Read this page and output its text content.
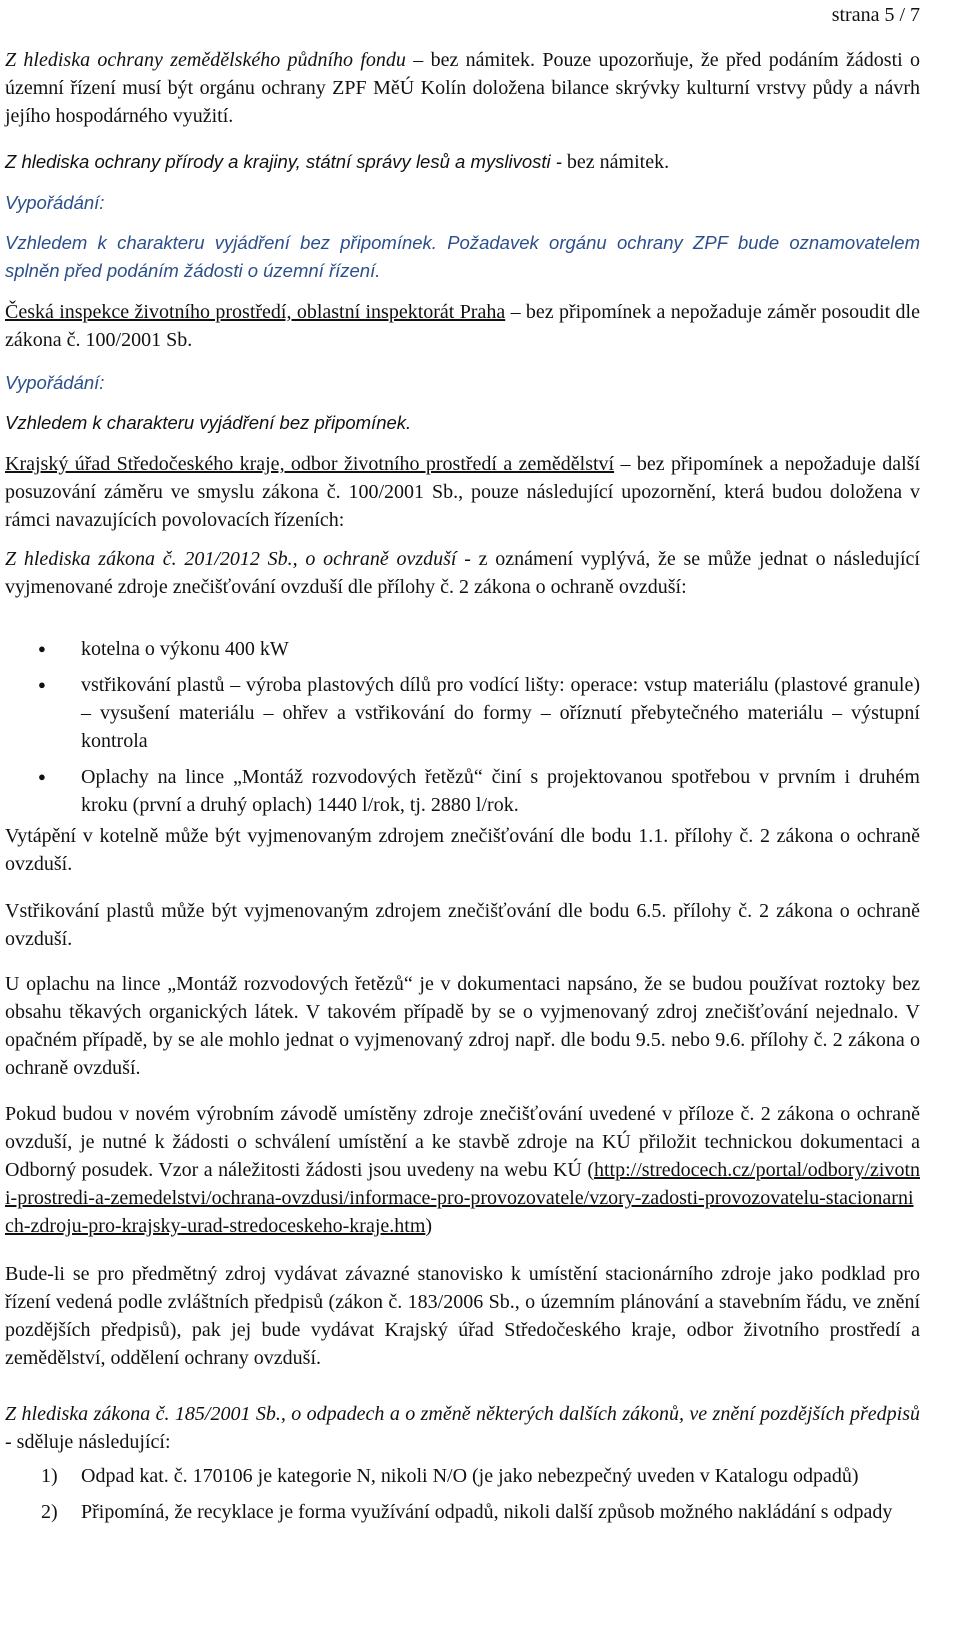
strana 5 / 7

Z hlediska ochrany zemědělského půdního fondu – bez námitek. Pouze upozorňuje, že před podáním žádosti o územní řízení musí být orgánu ochrany ZPF MěÚ Kolín doložena bilance skrývky kulturní vrstvy půdy a návrh jejího hospodárného využití.

Z hlediska ochrany přírody a krajiny, státní správy lesů a myslivosti - bez námitek.

Vypořádání:

Vzhledem k charakteru vyjádření bez připomínek. Požadavek orgánu ochrany ZPF bude oznamovatelem splněn před podáním žádosti o územní řízení.

Česká inspekce životního prostředí, oblastní inspektorát Praha – bez připomínek a nepožaduje záměr posoudit dle zákona č. 100/2001 Sb.

Vypořádání:

Vzhledem k charakteru vyjádření bez připomínek.

Krajský úřad Středočeského kraje, odbor životního prostředí a zemědělství – bez připomínek a nepožaduje další posuzování záměru ve smyslu zákona č. 100/2001 Sb., pouze následující upozornění, která budou doložena v rámci navazujících povolovacích řízeních:

Z hlediska zákona č. 201/2012 Sb., o ochraně ovzduší - z oznámení vyplývá, že se může jednat o následující vyjmenované zdroje znečišťování ovzduší dle přílohy č. 2 zákona o ochraně ovzduší:

● kotelna o výkonu 400 kW
● vstřikování plastů – výroba plastových dílů pro vodící lišty: operace: vstup materiálu (plastové granule) – vysušení materiálu – ohřev a vstřikování do formy – oříznutí přebytečného materiálu – výstupní kontrola
● Oplachy na lince „Montáž rozvodových řetězů“ činí s projektovanou spotřebou v prvním i druhém kroku (první a druhý oplach) 1440 l/rok, tj. 2880 l/rok.

Vytápění v kotelně může být vyjmenovaným zdrojem znečišťování dle bodu 1.1. přílohy č. 2 zákona o ochraně ovzduší.

Vstřikování plastů může být vyjmenovaným zdrojem znečišťování dle bodu 6.5. přílohy č. 2 zákona o ochraně ovzduší.

U oplachu na lince „Montáž rozvodových řetězů“ je v dokumentaci napsáno, že se budou používat roztoky bez obsahu těkavých organických látek. V takovém případě by se o vyjmenovaný zdroj znečišťování nejednalo. V opačném případě, by se ale mohlo jednat o vyjmenovaný zdroj např. dle bodu 9.5. nebo 9.6. přílohy č. 2 zákona o ochraně ovzduší.

Pokud budou v novém výrobním závodě umístěny zdroje znečišťování uvedené v příloze č. 2 zákona o ochraně ovzduší, je nutné k žádosti o schválení umístění a ke stavbě zdroje na KÚ přiložit technickou dokumentaci a Odborný posudek. Vzor a náležitosti žádosti jsou uvedeny na webu KÚ (http://stredocech.cz/portal/odbory/zivotni-prostredi-a-zemedelstvi/ochrana-ovzdusi/informace-pro-provozovatele/vzory-zadosti-provozovatelu-stacionarnich-zdroju-pro-krajsky-urad-stredoceskeho-kraje.htm)

Bude-li se pro předmětný zdroj vydávat závazné stanovisko k umístění stacionárního zdroje jako podklad pro řízení vedená podle zvláštních předpisů (zákon č. 183/2006 Sb., o územním plánování a stavebním řádu, ve znění pozdějších předpisů), pak jej bude vydávat Krajský úřad Středočeského kraje, odbor životního prostředí a zemědělství, oddělení ochrany ovzduší.

Z hlediska zákona č. 185/2001 Sb., o odpadech a o změně některých dalších zákonů, ve znění pozdějších předpisů - sděluje následující:

1) Odpad kat. č. 170106 je kategorie N, nikoli N/O (je jako nebezpečný uveden v Katalogu odpadů)
2) Připomíná, že recyklace je forma využívání odpadů, nikoli další způsob možného nakládání s odpady
